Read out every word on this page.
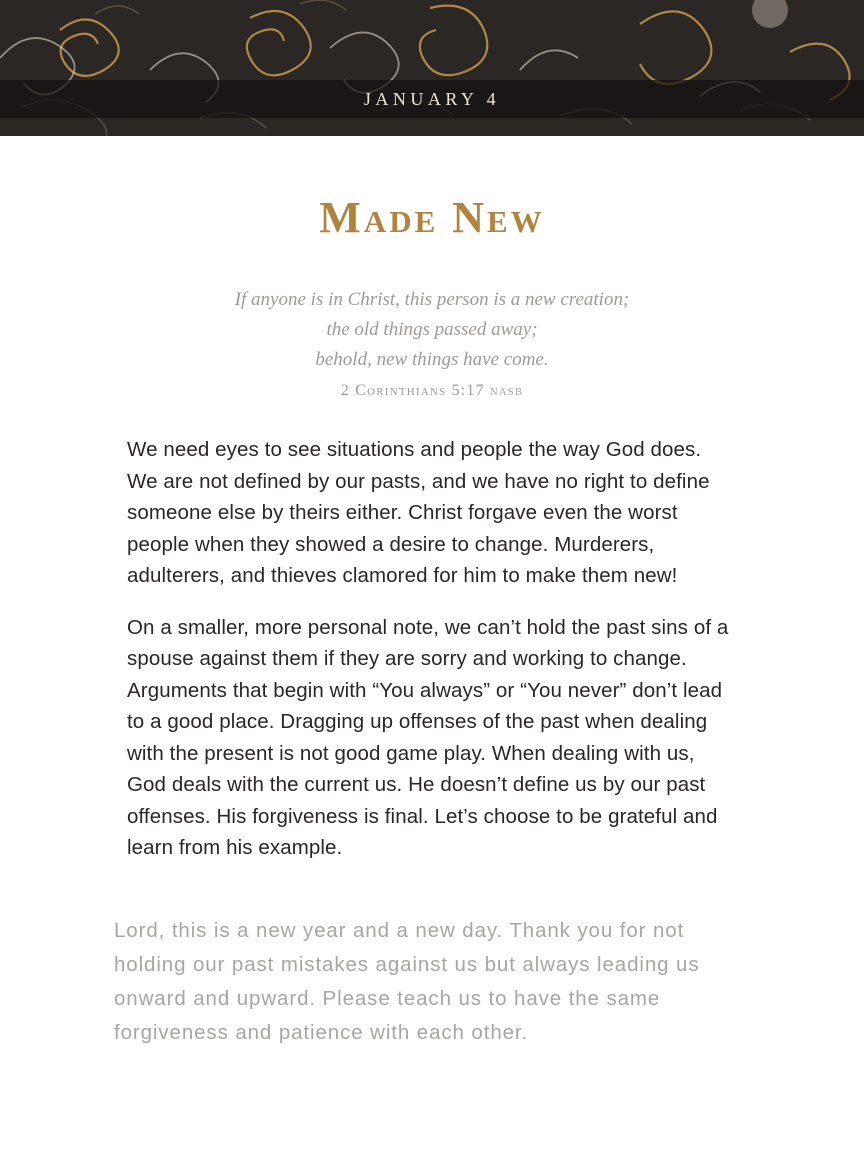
JANUARY 4
Made New
If anyone is in Christ, this person is a new creation;
the old things passed away;
behold, new things have come.
2 Corinthians 5:17 NASB

We need eyes to see situations and people the way God does. We are not defined by our pasts, and we have no right to define someone else by theirs either. Christ forgave even the worst people when they showed a desire to change. Murderers, adulterers, and thieves clamored for him to make them new!

On a smaller, more personal note, we can’t hold the past sins of a spouse against them if they are sorry and working to change. Arguments that begin with “You always” or “You never” don’t lead to a good place. Dragging up offenses of the past when dealing with the present is not good game play. When dealing with us, God deals with the current us. He doesn’t define us by our past offenses. His forgiveness is final. Let’s choose to be grateful and learn from his example.

Lord, this is a new year and a new day. Thank you for not holding our past mistakes against us but always leading us onward and upward. Please teach us to have the same forgiveness and patience with each other.
